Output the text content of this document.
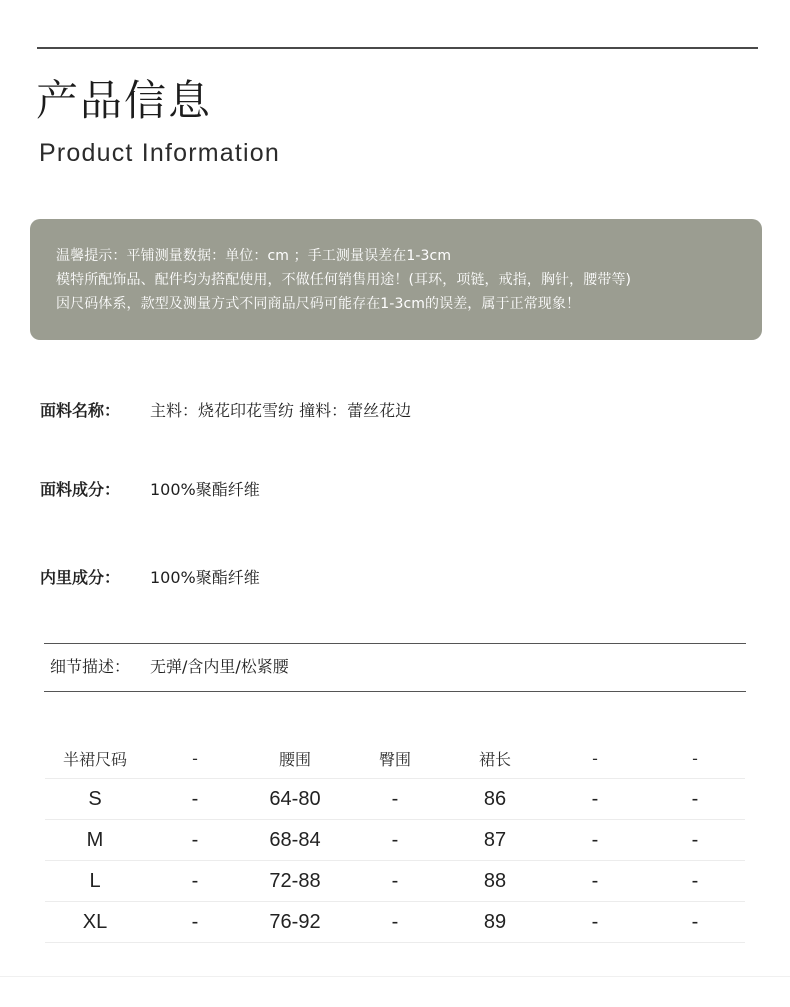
产品信息
Product Information
温馨提示：平铺测量数据：单位：cm ；手工测量误差在1-3cm
模特所配饰品、配件均为搭配使用，不做任何销售用途！(耳环，项链，戒指，胸针，腰带等)
因尺码体系，款型及测量方式不同商品尺码可能存在1-3cm的误差，属于正常现象！
面料名称： 主料：烧花印花雪纺 撞料：蕾丝花边
面料成分： 100%聚酯纤维
内里成分： 100%聚酯纤维
细节描述： 无弹/含内里/松紧腰
半裙尺码	-	腰围	臀围	裙长	-	-
S	-	64-80	-	86	-	-
M	-	68-84	-	87	-	-
L	-	72-88	-	88	-	-
XL	-	76-92	-	89	-	-
